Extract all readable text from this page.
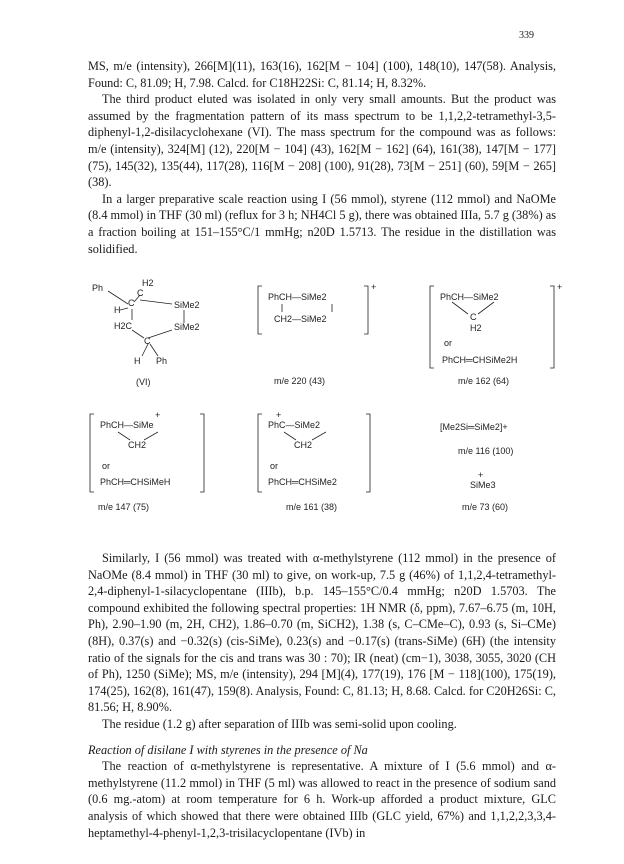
339

MS, m/e (intensity), 266[M](11), 163(16), 162[M − 104] (100), 148(10), 147(58). Analysis, Found: C, 81.09; H, 7.98. Calcd. for C18H22Si: C, 81.14; H, 8.32%.

The third product eluted was isolated in only very small amounts. But the product was assumed by the fragmentation pattern of its mass spectrum to be 1,1,2,2-tetramethyl-3,5-diphenyl-1,2-disilacyclohexane (VI). The mass spectrum for the compound was as follows: m/e (intensity), 324[M] (12), 220[M − 104] (43), 162[M − 162] (64), 161(38), 147[M − 177] (75), 145(32), 135(44), 117(28), 116[M − 208] (100), 91(28), 73[M − 251] (60), 59[M − 265] (38).

In a larger preparative scale reaction using I (56 mmol), styrene (112 mmol) and NaOMe (8.4 mmol) in THF (30 ml) (reflux for 3 h; NH4Cl 5 g), there was obtained IIIa, 5.7 g (38%) as a fraction boiling at 151–155°C/1 mmHg; n20D 1.5713. The residue in the distillation was solidified.

Ph	H2
C
C
H	SiMe2
H2C	SiMe2
C
H Ph
(VI)
PhCH—SiMe2
CH2—SiMe2
+
m/e 220 (43)
PhCH—SiMe2
C
H2
or
PhCH═CHSiMe2H
+
m/e 162 (64)
+
PhCH—SiMe
CH2
or
PhCH═CHSiMeH
m/e 147 (75)
+
PhC—SiMe2
CH2
or
PhCH═CHSiMe2
m/e 161 (38)
[Me2Si═SiMe2]+
m/e 116 (100)
+
SiMe3
m/e 73 (60)

Similarly, I (56 mmol) was treated with α-methylstyrene (112 mmol) in the presence of NaOMe (8.4 mmol) in THF (30 ml) to give, on work-up, 7.5 g (46%) of 1,1,2,4-tetramethyl-2,4-diphenyl-1-silacyclopentane (IIIb), b.p. 145–155°C/0.4 mmHg; n20D 1.5703. The compound exhibited the following spectral properties: 1H NMR (δ, ppm), 7.67–6.75 (m, 10H, Ph), 2.90–1.90 (m, 2H, CH2), 1.86–0.70 (m, SiCH2), 1.38 (s, C–CMe–C), 0.93 (s, Si–CMe) (8H), 0.37(s) and −0.32(s) (cis-SiMe), 0.23(s) and −0.17(s) (trans-SiMe) (6H) (the intensity ratio of the signals for the cis and trans was 30 : 70); IR (neat) (cm−1), 3038, 3055, 3020 (CH of Ph), 1250 (SiMe); MS, m/e (intensity), 294 [M](4), 177(19), 176 [M − 118](100), 175(19), 174(25), 162(8), 161(47), 159(8). Analysis, Found: C, 81.13; H, 8.68. Calcd. for C20H26Si: C, 81.56; H, 8.90%.

The residue (1.2 g) after separation of IIIb was semi-solid upon cooling.

Reaction of disilane I with styrenes in the presence of Na

The reaction of α-methylstyrene is representative. A mixture of I (5.6 mmol) and α-methylstyrene (11.2 mmol) in THF (5 ml) was allowed to react in the presence of sodium sand (0.6 mg.-atom) at room temperature for 6 h. Work-up afforded a product mixture, GLC analysis of which showed that there were obtained IIIb (GLC yield, 67%) and 1,1,2,2,3,3,4-heptamethyl-4-phenyl-1,2,3-trisilacyclopentane (IVb) in
